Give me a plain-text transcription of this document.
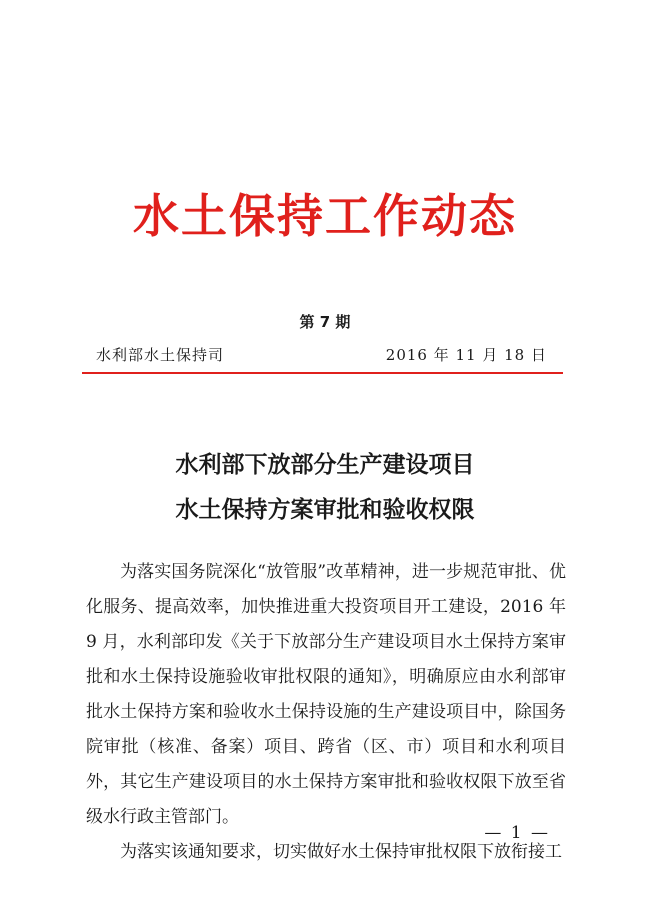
水土保持工作动态
第 7 期
水利部水土保持司	2016 年 11 月 18 日
水利部下放部分生产建设项目
水土保持方案审批和验收权限

为落实国务院深化“放管服”改革精神，进一步规范审批、优化服务、提高效率，加快推进重大投资项目开工建设，2016 年 9 月，水利部印发《关于下放部分生产建设项目水土保持方案审批和水土保持设施验收审批权限的通知》，明确原应由水利部审批水土保持方案和验收水土保持设施的生产建设项目中，除国务院审批（核准、备案）项目、跨省（区、市）项目和水利项目外，其它生产建设项目的水土保持方案审批和验收权限下放至省级水行政主管部门。

为落实该通知要求，切实做好水土保持审批权限下放衔接工

— 1 —
